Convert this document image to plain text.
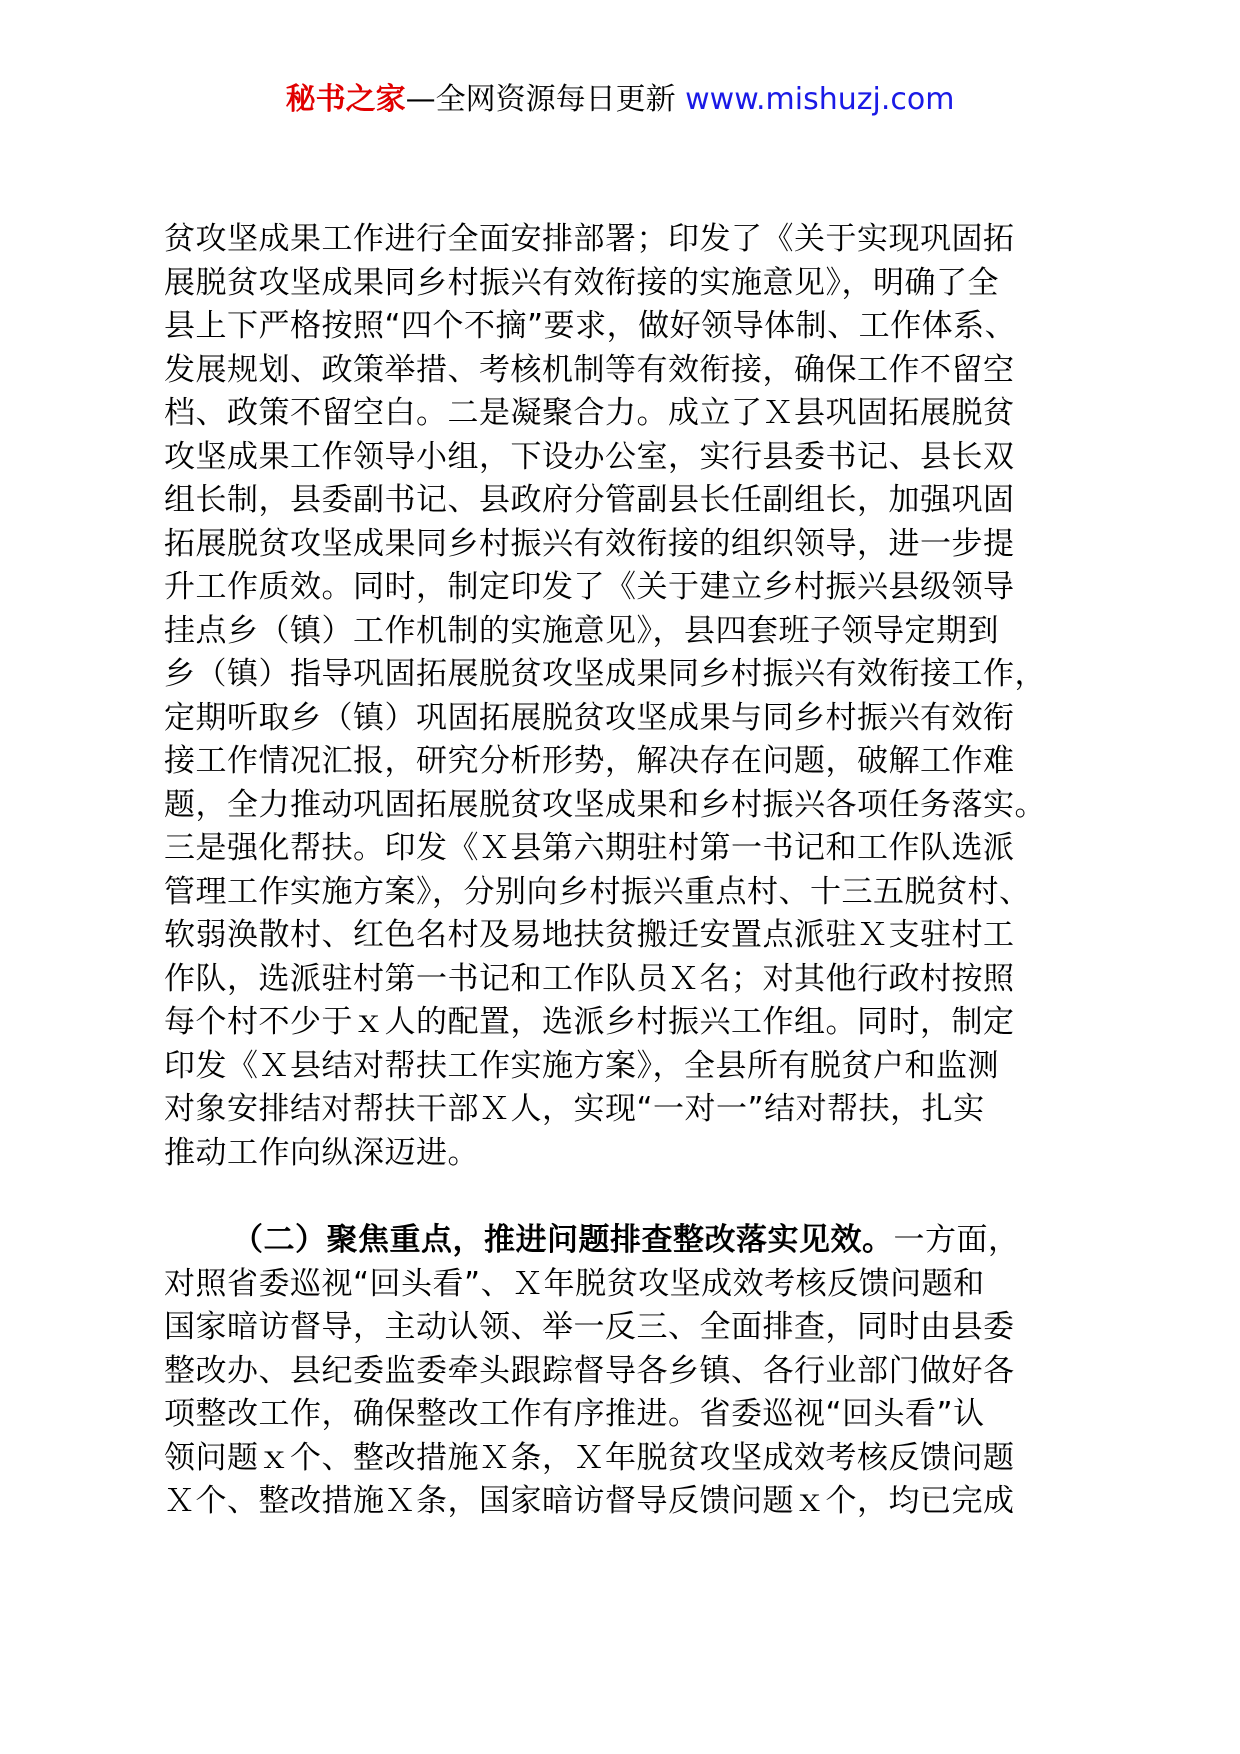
秘书之家—全网资源每日更新 www.mishuzj.com
贫攻坚成果工作进行全面安排部署；印发了《关于实现巩固拓
展脱贫攻坚成果同乡村振兴有效衔接的实施意见》，明确了全
县上下严格按照“四个不摘”要求，做好领导体制、工作体系、
发展规划、政策举措、考核机制等有效衔接，确保工作不留空
档、政策不留空白。二是凝聚合力。成立了Ｘ县巩固拓展脱贫
攻坚成果工作领导小组，下设办公室，实行县委书记、县长双
组长制，县委副书记、县政府分管副县长任副组长，加强巩固
拓展脱贫攻坚成果同乡村振兴有效衔接的组织领导，进一步提
升工作质效。同时，制定印发了《关于建立乡村振兴县级领导
挂点乡（镇）工作机制的实施意见》，县四套班子领导定期到
乡（镇）指导巩固拓展脱贫攻坚成果同乡村振兴有效衔接工作，
定期听取乡（镇）巩固拓展脱贫攻坚成果与同乡村振兴有效衔
接工作情况汇报，研究分析形势，解决存在问题，破解工作难
题，全力推动巩固拓展脱贫攻坚成果和乡村振兴各项任务落实。
三是强化帮扶。印发《Ｘ县第六期驻村第一书记和工作队选派
管理工作实施方案》，分别向乡村振兴重点村、十三五脱贫村、
软弱涣散村、红色名村及易地扶贫搬迁安置点派驻Ｘ支驻村工
作队，选派驻村第一书记和工作队员Ｘ名；对其他行政村按照
每个村不少于ｘ人的配置，选派乡村振兴工作组。同时，制定
印发《Ｘ县结对帮扶工作实施方案》，全县所有脱贫户和监测
对象安排结对帮扶干部Ｘ人，实现“一对一”结对帮扶，扎实
推动工作向纵深迈进。
（二）聚焦重点，推进问题排查整改落实见效。一方面，
对照省委巡视“回头看”、Ｘ年脱贫攻坚成效考核反馈问题和
国家暗访督导，主动认领、举一反三、全面排查，同时由县委
整改办、县纪委监委牵头跟踪督导各乡镇、各行业部门做好各
项整改工作，确保整改工作有序推进。省委巡视“回头看”认
领问题ｘ个、整改措施Ｘ条，Ｘ年脱贫攻坚成效考核反馈问题
Ｘ个、整改措施Ｘ条，国家暗访督导反馈问题ｘ个，均已完成
